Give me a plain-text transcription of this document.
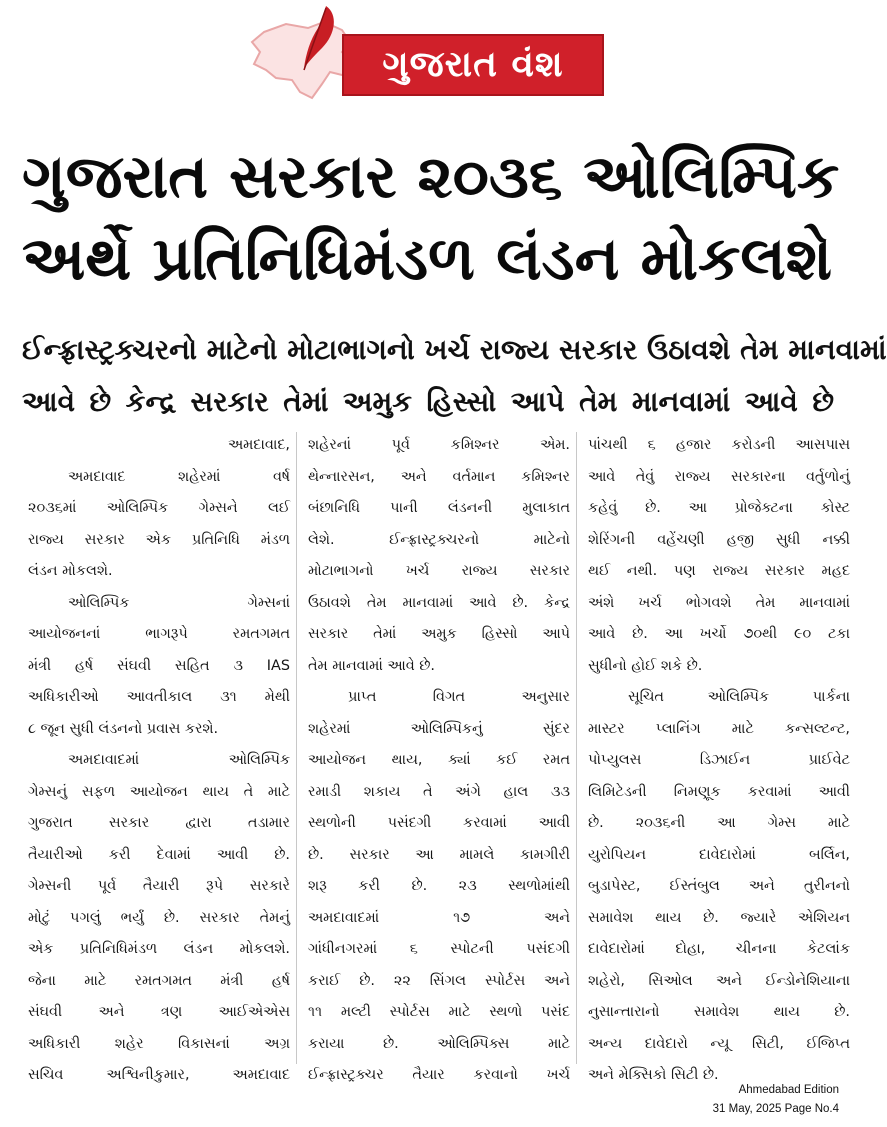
ગુજરાત વંશ
ગુજરાત સરકાર ૨૦૩૬ ઓલિમ્પિક
અર્થે પ્રતિનિધિમંડળ લંડન મોકલશે
ઈન્ફ્રાસ્ટ્રક્ચરનો માટેનો મોટાભાગનો ખર્ચ રાજ્ય સરકાર ઉઠાવશે તેમ માનવામાં
આવે છે કેન્દ્ર સરકાર તેમાં અમુક હિસ્સો આપે તેમ માનવામાં આવે છે
અમદાવાદ,
અમદાવાદ શહેરમાં વર્ષ
૨૦૩૬માં ઓલિમ્પિક ગેમ્સને લઈ
રાજ્ય સરકાર એક પ્રતિનિધિ મંડળ
લંડન મોકલશે.
ઓલિમ્પિક ગેમ્સનાં
આયોજનનાં ભાગરૂપે રમતગમત
મંત્રી હર્ષ સંઘવી સહિત ૩ IAS
અધિકારીઓ આવતીકાલ ૩૧ મેથી
૮ જૂન સુધી લંડનનો પ્રવાસ કરશે.
અમદાવાદમાં ઓલિમ્પિક
ગેમ્સનું સફળ આયોજન થાય તે માટે
ગુજરાત સરકાર દ્વારા તડામાર
તૈયારીઓ કરી દેવામાં આવી છે.
ગેમ્સની પૂર્વ તૈયારી રૂપે સરકારે
મોટું પગલું ભર્યું છે. સરકાર તેમનું
એક પ્રતિનિધિમંડળ લંડન મોકલશે.
જેના માટે રમતગમત મંત્રી હર્ષ
સંઘવી અને ત્રણ આઈએએસ
અધિકારી શહેર વિકાસનાં અગ્ર
સચિવ અશ્વિનીકુમાર, અમદાવાદ
શહેરનાં પૂર્વ કમિશ્નર એમ.
થેન્નારસન, અને વર્તમાન કમિશ્નર
બંછાનિધિ પાની લંડનની મુલાકાત
લેશે. ઈન્ફ્રાસ્ટ્રક્ચરનો માટેનો
મોટાભાગનો ખર્ચ રાજ્ય સરકાર
ઉઠાવશે તેમ માનવામાં આવે છે. કેન્દ્ર
સરકાર તેમાં અમુક હિસ્સો આપે
તેમ માનવામાં આવે છે.
પ્રાપ્ત વિગત અનુસાર
શહેરમાં ઓલિમ્પિકનું સુંદર
આયોજન થાય, ક્યાં કઈ રમત
રમાડી શકાય તે અંગે હાલ ૩૩
સ્થળોની પસંદગી કરવામાં આવી
છે. સરકાર આ મામલે કામગીરી
શરૂ કરી છે. ૨૩ સ્થળોમાંથી
અમદાવાદમાં ૧૭ અને
ગાંધીનગરમાં ૬ સ્પોટની પસંદગી
કરાઈ છે. ૨૨ સિંગલ સ્પોર્ટસ અને
૧૧ મલ્ટી સ્પોર્ટસ માટે સ્થળો પસંદ
કરાયા છે. ઓલિમ્પિક્સ માટે
ઈન્ફ્રાસ્ટ્રક્ચર તૈયાર કરવાનો ખર્ચ
પાંચથી ૬ હજાર કરોડની આસપાસ
આવે તેવું રાજ્ય સરકારના વર્તુળોનું
કહેવું છે. આ પ્રોજેક્ટના કોસ્ટ
શેરિંગની વહેંચણી હજી સુધી નક્કી
થઈ નથી. પણ રાજ્ય સરકાર મહદ
અંશે ખર્ચ ભોગવશે તેમ માનવામાં
આવે છે. આ ખર્ચો ૭૦થી ૯૦ ટકા
સુધીનો હોઈ શકે છે.
સૂચિત ઓલિમ્પિક પાર્કના
માસ્ટર પ્લાનિંગ માટે કન્સલ્ટન્ટ,
પોપ્યુલસ ડિઝાઈન પ્રાઈવેટ
લિમિટેડની નિમણૂક કરવામાં આવી
છે. ૨૦૩૬ની આ ગેમ્સ માટે
યુરોપિયન દાવેદારોમાં બર્લિન,
બુડાપેસ્ટ, ઈસ્તંબુલ અને તુરીનનો
સમાવેશ થાય છે. જ્યારે એશિયન
દાવેદારોમાં દોહા, ચીનના કેટલાંક
શહેરો, સિઓલ અને ઈન્ડોનેશિયાના
નુસાન્તારાનો સમાવેશ થાય છે.
અન્ય દાવેદારો ન્યૂ સિટી, ઈજિપ્ત
અને મેક્સિકો સિટી છે.
Ahmedabad Edition
31 May, 2025 Page No.4
